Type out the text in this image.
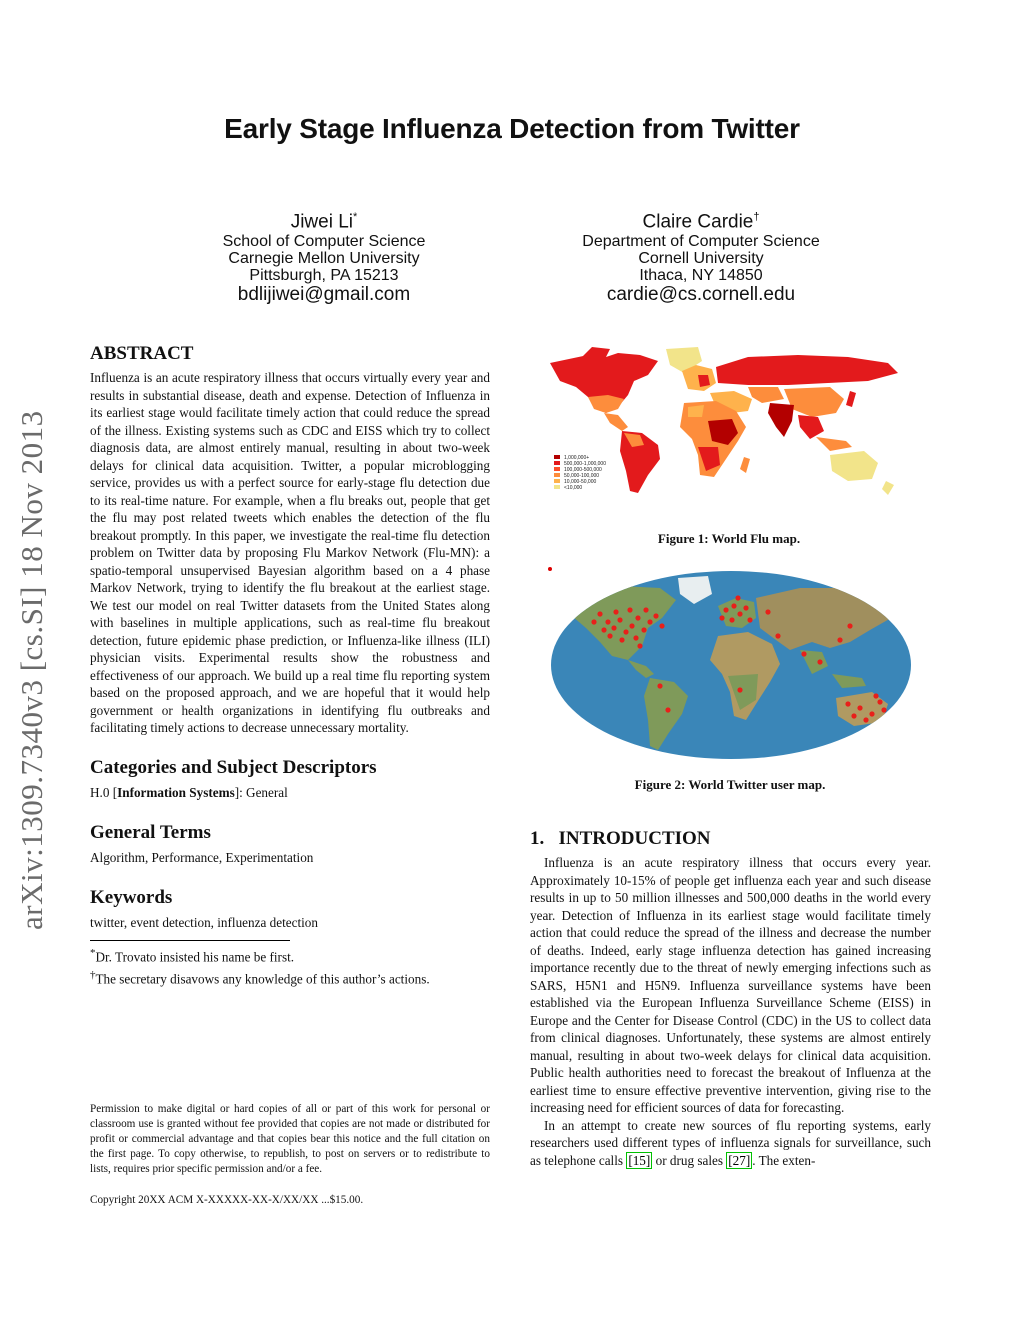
Early Stage Influenza Detection from Twitter
Jiwei Li*
School of Computer Science
Carnegie Mellon University
Pittsburgh, PA 15213
bdlijiwei@gmail.com
Claire Cardie†
Department of Computer Science
Cornell University
Ithaca, NY 14850
cardie@cs.cornell.edu
arXiv:1309.7340v3 [cs.SI] 18 Nov 2013
ABSTRACT
Influenza is an acute respiratory illness that occurs virtually every year and results in substantial disease, death and expense. Detection of Influenza in its earliest stage would facilitate timely action that could reduce the spread of the illness. Existing systems such as CDC and EISS which try to collect diagnosis data, are almost entirely manual, resulting in about two-week delays for clinical data acquisition. Twitter, a popular microblogging service, provides us with a perfect source for early-stage flu detection due to its real-time nature. For example, when a flu breaks out, people that get the flu may post related tweets which enables the detection of the flu breakout promptly. In this paper, we investigate the real-time flu detection problem on Twitter data by proposing Flu Markov Network (Flu-MN): a spatio-temporal unsupervised Bayesian algorithm based on a 4 phase Markov Network, trying to identify the flu breakout at the earliest stage. We test our model on real Twitter datasets from the United States along with baselines in multiple applications, such as real-time flu breakout detection, future epidemic phase prediction, or Influenza-like illness (ILI) physician visits. Experimental results show the robustness and effectiveness of our approach. We build up a real time flu reporting system based on the proposed approach, and we are hopeful that it would help government or health organizations in identifying flu outbreaks and facilitating timely actions to decrease unnecessary mortality.
Categories and Subject Descriptors
H.0 [Information Systems]: General
General Terms
Algorithm, Performance, Experimentation
Keywords
twitter, event detection, influenza detection
*Dr. Trovato insisted his name be first.
†The secretary disavows any knowledge of this author’s actions.
Permission to make digital or hard copies of all or part of this work for personal or classroom use is granted without fee provided that copies are not made or distributed for profit or commercial advantage and that copies bear this notice and the full citation on the first page. To copy otherwise, to republish, to post on servers or to redistribute to lists, requires prior specific permission and/or a fee.
Copyright 20XX ACM X-XXXXX-XX-X/XX/XX ...$15.00.
1,000,000+
500,000-1,000,000
100,000-500,000
50,000-100,000
10,000-50,000
<10,000
Figure 1: World Flu map.
Figure 2: World Twitter user map.
1.   INTRODUCTION
Influenza is an acute respiratory illness that occurs every year. Approximately 10-15% of people get influenza each year and such disease results in up to 50 million illnesses and 500,000 deaths in the world every year. Detection of Influenza in its earliest stage would facilitate timely action that could reduce the spread of the illness and decrease the number of deaths. Indeed, early stage influenza detection has gained increasing importance recently due to the threat of newly emerging infections such as SARS, H5N1 and H5N9. Influenza surveillance systems have been established via the European Influenza Surveillance Scheme (EISS) in Europe and the Center for Disease Control (CDC) in the US to collect data from clinical diagnoses. Unfortunately, these systems are almost entirely manual, resulting in about two-week delays for clinical data acquisition. Public health authorities need to forecast the breakout of Influenza at the earliest time to ensure effective preventive intervention, giving rise to the increasing need for efficient sources of data for forecasting.
In an attempt to create new sources of flu reporting systems, early researchers used different types of influenza signals for surveillance, such as telephone calls [15] or drug sales [27] . The exten-
